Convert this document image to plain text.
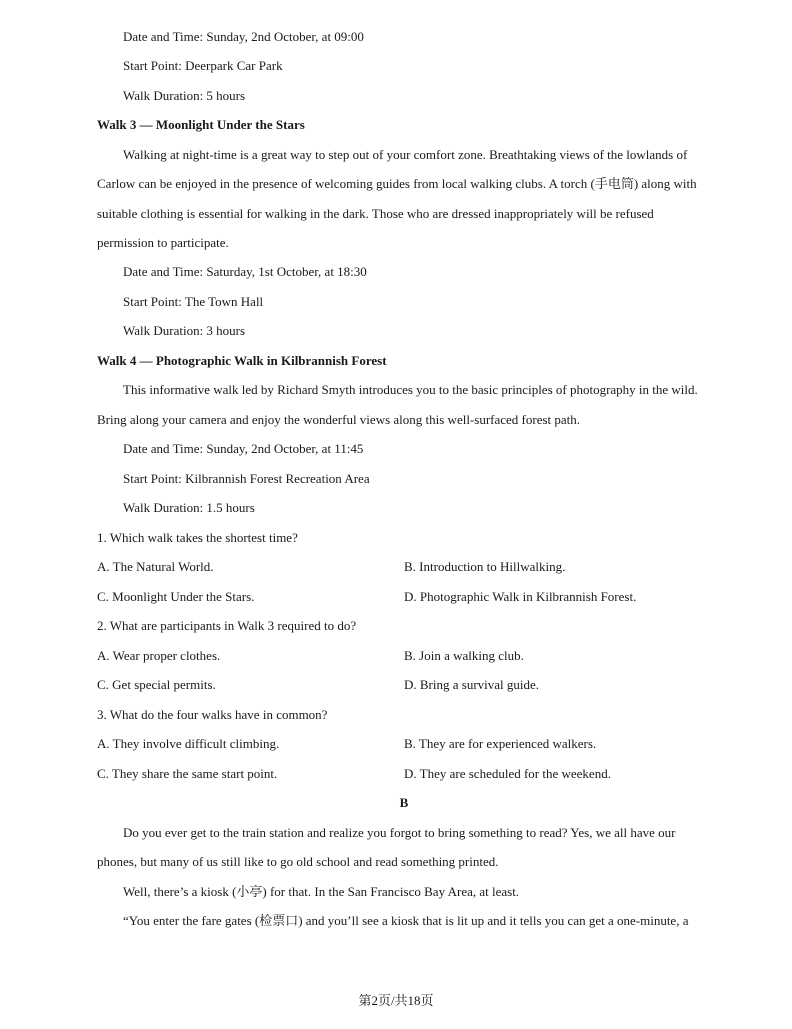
Date and Time: Sunday, 2nd October, at 09:00
Start Point: Deerpark Car Park
Walk Duration: 5 hours
Walk 3 — Moonlight Under the Stars
Walking at night-time is a great way to step out of your comfort zone. Breathtaking views of the lowlands of
Carlow can be enjoyed in the presence of welcoming guides from local walking clubs. A torch (手电筒) along with
suitable clothing is essential for walking in the dark. Those who are dressed inappropriately will be refused
permission to participate.
Date and Time: Saturday, 1st October, at 18:30
Start Point: The Town Hall
Walk Duration: 3 hours
Walk 4 — Photographic Walk in Kilbrannish Forest
This informative walk led by Richard Smyth introduces you to the basic principles of photography in the wild.
Bring along your camera and enjoy the wonderful views along this well-surfaced forest path.
Date and Time: Sunday, 2nd October, at 11:45
Start Point: Kilbrannish Forest Recreation Area
Walk Duration: 1.5 hours
1. Which walk takes the shortest time?
A. The Natural World.	B. Introduction to Hillwalking.
C. Moonlight Under the Stars.	D. Photographic Walk in Kilbrannish Forest.
2. What are participants in Walk 3 required to do?
A. Wear proper clothes.	B. Join a walking club.
C. Get special permits.	D. Bring a survival guide.
3. What do the four walks have in common?
A. They involve difficult climbing.	B. They are for experienced walkers.
C. They share the same start point.	D. They are scheduled for the weekend.
B
Do you ever get to the train station and realize you forgot to bring something to read? Yes, we all have our
phones, but many of us still like to go old school and read something printed.
Well, there’s a kiosk (小亭) for that. In the San Francisco Bay Area, at least.
“You enter the fare gates (检票口) and you’ll see a kiosk that is lit up and it tells you can get a one-minute, a
第2页/共18页
